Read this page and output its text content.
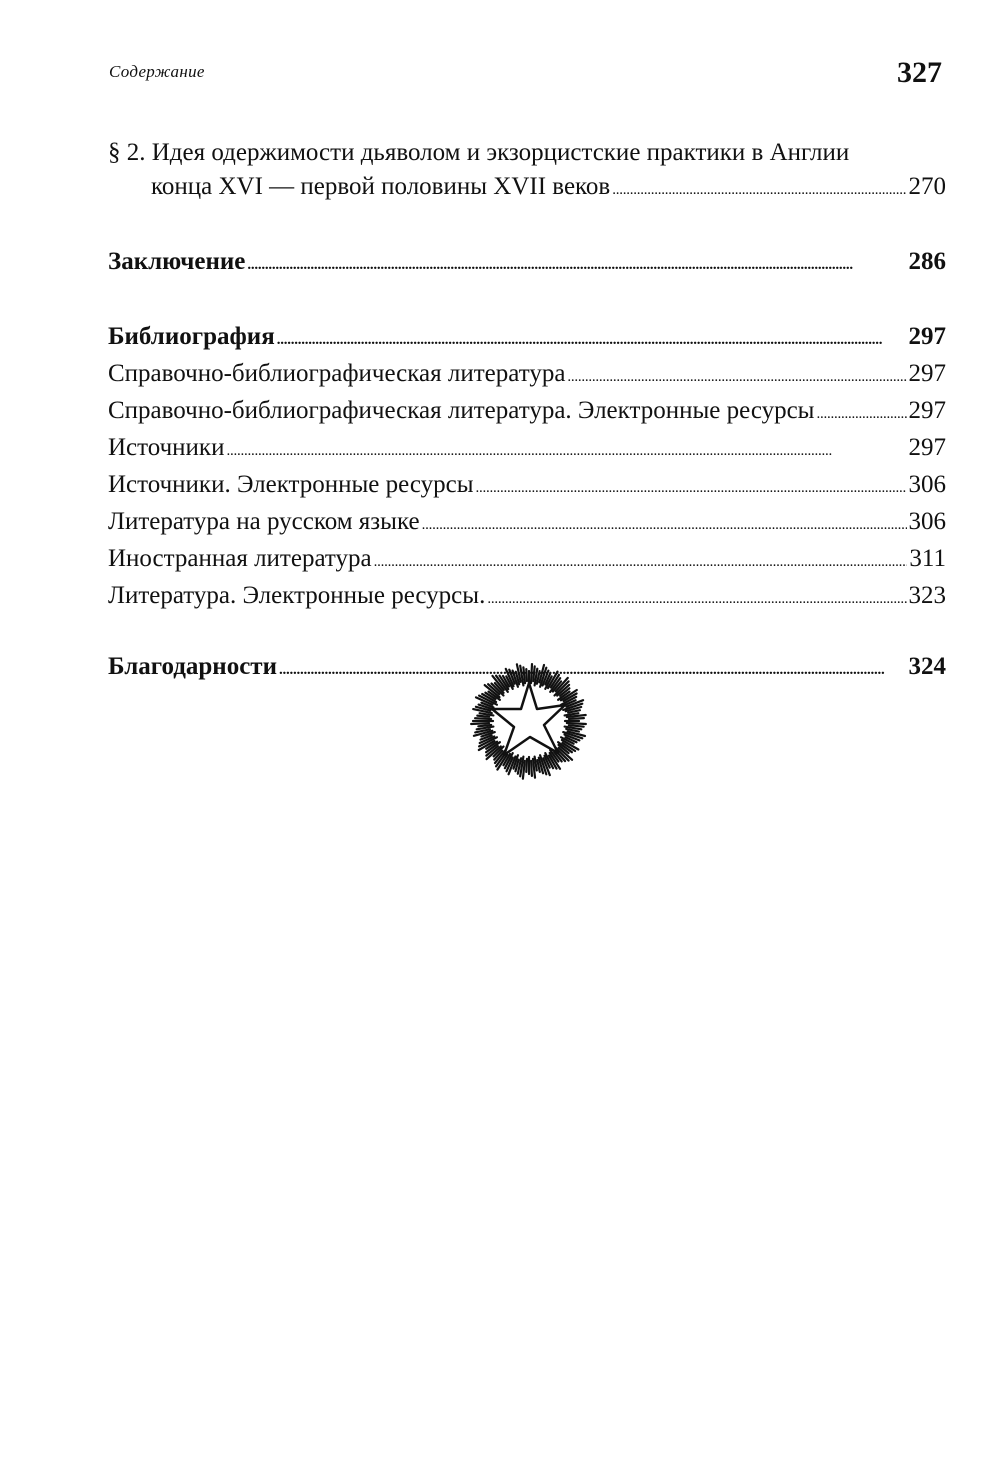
Содержание	327
§ 2. Идея одержимости дьяволом и экзорцистские практики в Англии
конца XVI — первой половины XVII веков . . .	270
Заключение . . .	286
Библиография . . .	297
Справочно-библиографическая литература . . .	297
Справочно-библиографическая литература. Электронные ресурсы . . .	297
Источники . . .	297
Источники. Электронные ресурсы . . .	306
Литература на русском языке . . .	306
Иностранная литература . . .	311
Литература. Электронные ресурсы. . . .	323
Благодарности . . .	324
